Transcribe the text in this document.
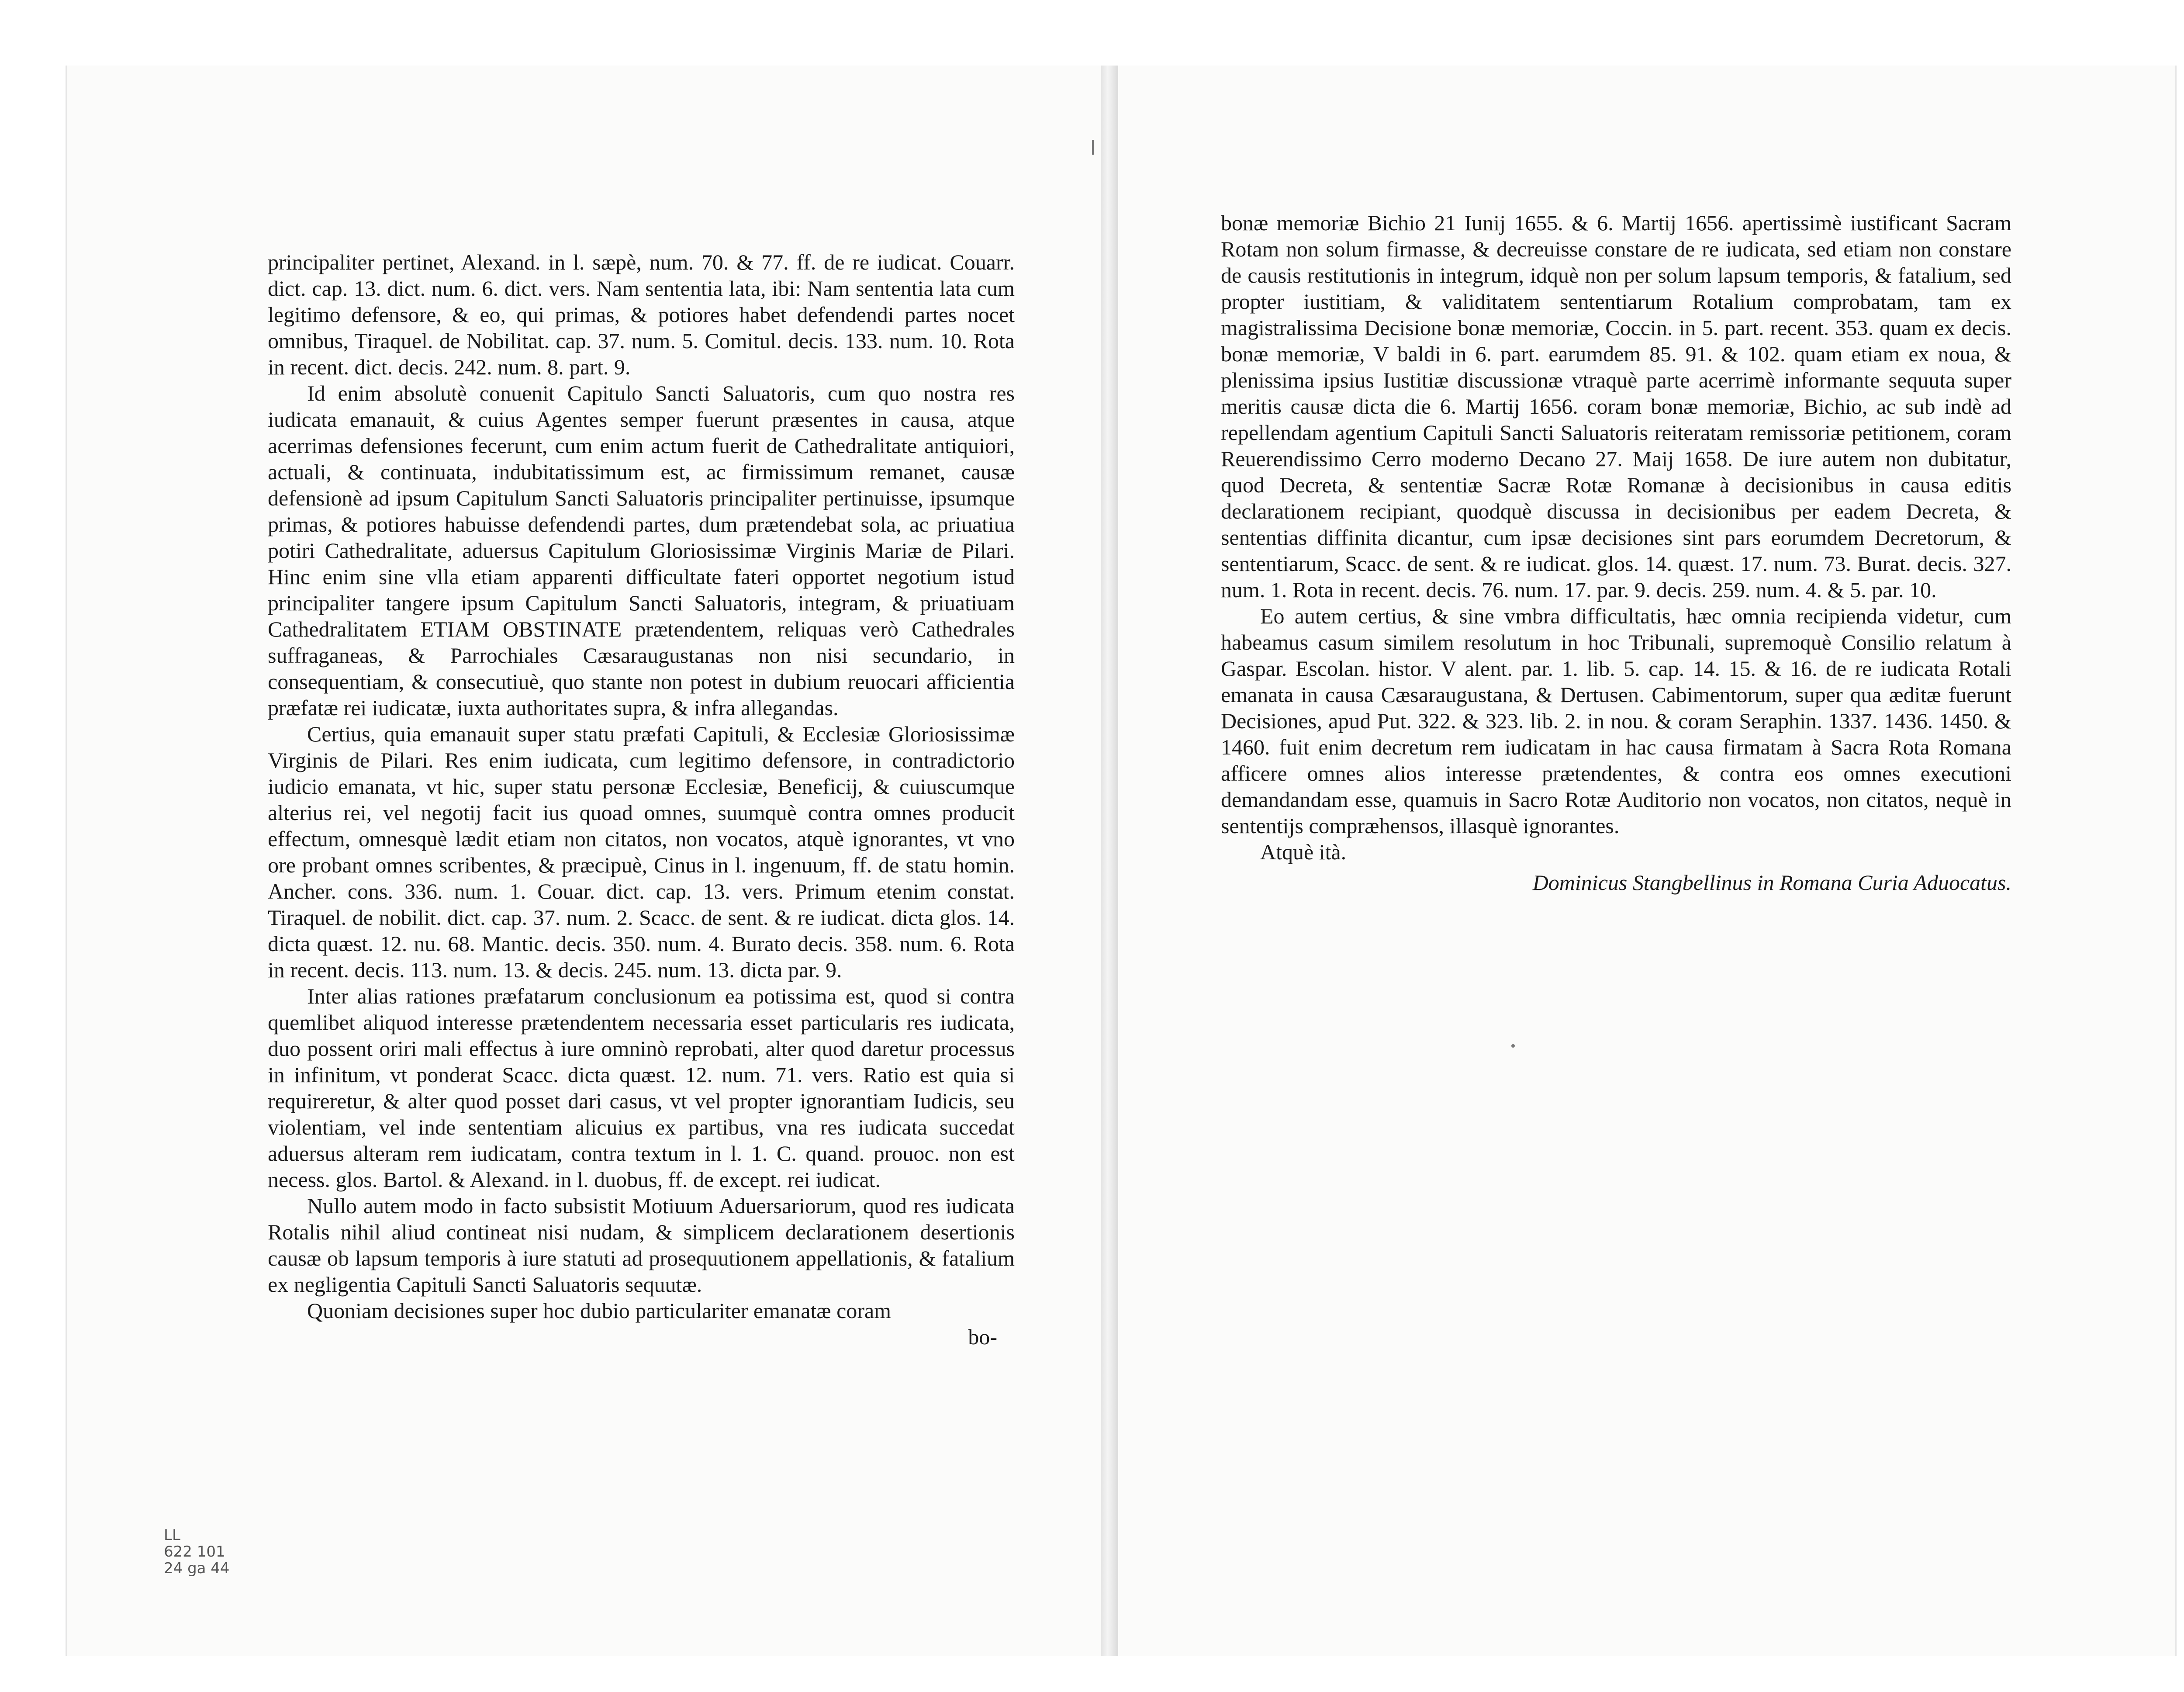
principaliter pertinet, Alexand. in l. sæpè, num. 70. & 77. ff. de re iudicat. Couarr. dict. cap. 13. dict. num. 6. dict. vers. Nam sententia lata, ibi: Nam sententia lata cum legitimo defensore, & eo, qui primas, & potiores habet defendendi partes nocet omnibus, Tiraquel. de Nobilitat. cap. 37. num. 5. Comitul. decis. 133. num. 10. Rota in recent. dict. decis. 242. num. 8. part. 9.

Id enim absolutè conuenit Capitulo Sancti Saluatoris, cum quo nostra res iudicata emanauit, & cuius Agentes semper fuerunt præsentes in causa, atque acerrimas defensiones fecerunt, cum enim actum fuerit de Cathedralitate antiquiori, actuali, & continuata, indubitatissimum est, ac firmissimum remanet, causæ defensionè ad ipsum Capitulum Sancti Saluatoris principaliter pertinuisse, ipsumque primas, & potiores habuisse defendendi partes, dum prætendebat sola, ac priuatiua potiri Cathedralitate, aduersus Capitulum Gloriosissimæ Virginis Mariæ de Pilari. Hinc enim sine vlla etiam apparenti difficultate fateri opportet negotium istud principaliter tangere ipsum Capitulum Sancti Saluatoris, integram, & priuatiuam Cathedralitatem ETIAM OBSTINATE prætendentem, reliquas verò Cathedrales suffraganeas, & Parrochiales Cæsaraugustanas non nisi secundario, in consequentiam, & consecutiuè, quo stante non potest in dubium reuocari afficientia præfatæ rei iudicatæ, iuxta authoritates supra, & infra allegandas.

Certius, quia emanauit super statu præfati Capituli, & Ecclesiæ Gloriosissimæ Virginis de Pilari. Res enim iudicata, cum legitimo defensore, in contradictorio iudicio emanata, vt hic, super statu personæ Ecclesiæ, Beneficij, & cuiuscumque alterius rei, vel negotij facit ius quoad omnes, suumquè contra omnes producit effectum, omnesquè lædit etiam non citatos, non vocatos, atquè ignorantes, vt vno ore probant omnes scribentes, & præcipuè, Cinus in l. ingenuum, ff. de statu homin. Ancher. cons. 336. num. 1. Couar. dict. cap. 13. vers. Primum etenim constat. Tiraquel. de nobilit. dict. cap. 37. num. 2. Scacc. de sent. & re iudicat. dicta glos. 14. dicta quæst. 12. nu. 68. Mantic. decis. 350. num. 4. Burato decis. 358. num. 6. Rota in recent. decis. 113. num. 13. & decis. 245. num. 13. dicta par. 9.

Inter alias rationes præfatarum conclusionum ea potissima est, quod si contra quemlibet aliquod interesse prætendentem necessaria esset particularis res iudicata, duo possent oriri mali effectus à iure omninò reprobati, alter quod daretur processus in infinitum, vt ponderat Scacc. dicta quæst. 12. num. 71. vers. Ratio est quia si requireretur, & alter quod posset dari casus, vt vel propter ignorantiam Iudicis, seu violentiam, vel inde sententiam alicuius ex partibus, vna res iudicata succedat aduersus alteram rem iudicatam, contra textum in l. 1. C. quand. prouoc. non est necess. glos. Bartol. & Alexand. in l. duobus, ff. de except. rei iudicat.

Nullo autem modo in facto subsistit Motiuum Aduersariorum, quod res iudicata Rotalis nihil aliud contineat nisi nudam, & simplicem declarationem desertionis causæ ob lapsum temporis à iure statuti ad prosequutionem appellationis, & fatalium ex negligentia Capituli Sancti Saluatoris sequutæ.

Quoniam decisiones super hoc dubio particulariter emanatæ coram

bo-

bonæ memoriæ Bichio 21 Iunij 1655. & 6. Martij 1656. apertissimè iustificant Sacram Rotam non solum firmasse, & decreuisse constare de re iudicata, sed etiam non constare de causis restitutionis in integrum, idquè non per solum lapsum temporis, & fatalium, sed propter iustitiam, & validitatem sententiarum Rotalium comprobatam, tam ex magistralissima Decisione bonæ memoriæ, Coccin. in 5. part. recent. 353. quam ex decis. bonæ memoriæ, V baldi in 6. part. earumdem 85. 91. & 102. quam etiam ex noua, & plenissima ipsius Iustitiæ discussionæ vtraquè parte acerrimè informante sequuta super meritis causæ dicta die 6. Martij 1656. coram bonæ memoriæ, Bichio, ac sub indè ad repellendam agentium Capituli Sancti Saluatoris reiteratam remissoriæ petitionem, coram Reuerendissimo Cerro moderno Decano 27. Maij 1658. De iure autem non dubitatur, quod Decreta, & sententiæ Sacræ Rotæ Romanæ à decisionibus in causa editis declarationem recipiant, quodquè discussa in decisionibus per eadem Decreta, & sententias diffinita dicantur, cum ipsæ decisiones sint pars eorumdem Decretorum, & sententiarum, Scacc. de sent. & re iudicat. glos. 14. quæst. 17. num. 73. Burat. decis. 327. num. 1. Rota in recent. decis. 76. num. 17. par. 9. decis. 259. num. 4. & 5. par. 10.

Eo autem certius, & sine vmbra difficultatis, hæc omnia recipienda videtur, cum habeamus casum similem resolutum in hoc Tribunali, supremoquè Consilio relatum à Gaspar. Escolan. histor. V alent. par. 1. lib. 5. cap. 14. 15. & 16. de re iudicata Rotali emanata in causa Cæsaraugustana, & Dertusen. Cabimentorum, super qua æditæ fuerunt Decisiones, apud Put. 322. & 323. lib. 2. in nou. & coram Seraphin. 1337. 1436. 1450. & 1460. fuit enim decretum rem iudicatam in hac causa firmatam à Sacra Rota Romana afficere omnes alios interesse prætendentes, & contra eos omnes executioni demandandam esse, quamuis in Sacro Rotæ Auditorio non vocatos, non citatos, nequè in sententijs compræhensos, illasquè ignorantes.

Atquè ità.

Dominicus Stangbellinus in Romana Curia Aduocatus.
LL
622 101
24 ga 44
